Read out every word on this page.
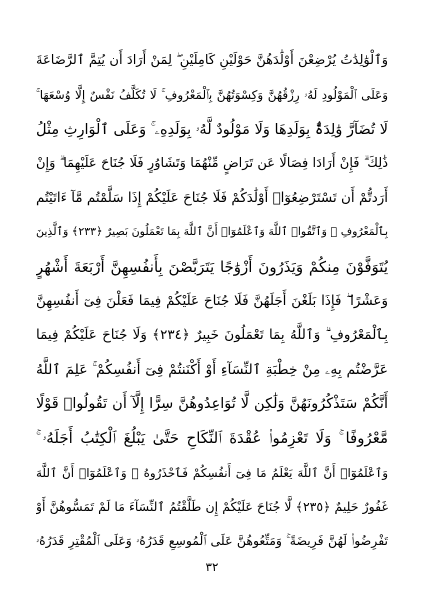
وَٱلْوَٰلِدَٰتُ يُرْضِعْنَ أَوْلَٰدَهُنَّ حَوْلَيْنِ كَامِلَيْنِ ۖ لِمَنْ أَرَادَ أَن يُتِمَّ ٱلرَّضَاعَةَ
وَعَلَى ٱلْمَوْلُودِ لَهُۥ رِزْقُهُنَّ وَكِسْوَتُهُنَّ بِٱلْمَعْرُوفِ ۚ لَا تُكَلَّفُ نَفْسٌ إِلَّا وُسْعَهَا ۚ
لَا تُضَآرَّ وَٰلِدَةٌۢ بِوَلَدِهَا وَلَا مَوْلُودٌ لَّهُۥ بِوَلَدِهِۦ ۚ وَعَلَى ٱلْوَارِثِ مِثْلُ
ذَٰلِكَ ۗ فَإِنْ أَرَادَا فِصَالًا عَن تَرَاضٍ مِّنْهُمَا وَتَشَاوُرٍ فَلَا جُنَاحَ عَلَيْهِمَا ۗ وَإِنْ
أَرَدتُّمْ أَن تَسْتَرْضِعُوٓا۟ أَوْلَٰدَكُمْ فَلَا جُنَاحَ عَلَيْكُمْ إِذَا سَلَّمْتُم مَّآ ءَاتَيْتُم
بِٱلْمَعْرُوفِ ۗ وَٱتَّقُوا۟ ٱللَّهَ وَٱعْلَمُوٓا۟ أَنَّ ٱللَّهَ بِمَا تَعْمَلُونَ بَصِيرٌ ﴿٢٣٣﴾ وَٱلَّذِينَ
يُتَوَفَّوْنَ مِنكُمْ وَيَذَرُونَ أَزْوَٰجًا يَتَرَبَّصْنَ بِأَنفُسِهِنَّ أَرْبَعَةَ أَشْهُرٍ
وَعَشْرًا ۖ فَإِذَا بَلَغْنَ أَجَلَهُنَّ فَلَا جُنَاحَ عَلَيْكُمْ فِيمَا فَعَلْنَ فِىٓ أَنفُسِهِنَّ
بِٱلْمَعْرُوفِ ۗ وَٱللَّهُ بِمَا تَعْمَلُونَ خَبِيرٌ ﴿٢٣٤﴾ وَلَا جُنَاحَ عَلَيْكُمْ فِيمَا
عَرَّضْتُم بِهِۦ مِنْ خِطْبَةِ ٱلنِّسَآءِ أَوْ أَكْنَنتُمْ فِىٓ أَنفُسِكُمْ ۚ عَلِمَ ٱللَّهُ
أَنَّكُمْ سَتَذْكُرُونَهُنَّ وَلَٰكِن لَّا تُوَاعِدُوهُنَّ سِرًّا إِلَّآ أَن تَقُولُوا۟ قَوْلًا
مَّعْرُوفًا ۚ وَلَا تَعْزِمُوا۟ عُقْدَةَ ٱلنِّكَاحِ حَتَّىٰ يَبْلُغَ ٱلْكِتَٰبُ أَجَلَهُۥ ۚ
وَٱعْلَمُوٓا۟ أَنَّ ٱللَّهَ يَعْلَمُ مَا فِىٓ أَنفُسِكُمْ فَٱحْذَرُوهُ ۚ وَٱعْلَمُوٓا۟ أَنَّ ٱللَّهَ
غَفُورٌ حَلِيمٌ ﴿٢٣٥﴾ لَّا جُنَاحَ عَلَيْكُمْ إِن طَلَّقْتُمُ ٱلنِّسَآءَ مَا لَمْ تَمَسُّوهُنَّ أَوْ
تَفْرِضُوا۟ لَهُنَّ فَرِيضَةً ۚ وَمَتِّعُوهُنَّ عَلَى ٱلْمُوسِعِ قَدَرُهُۥ وَعَلَى ٱلْمُقْتِرِ قَدَرُهُۥ
٣٢
